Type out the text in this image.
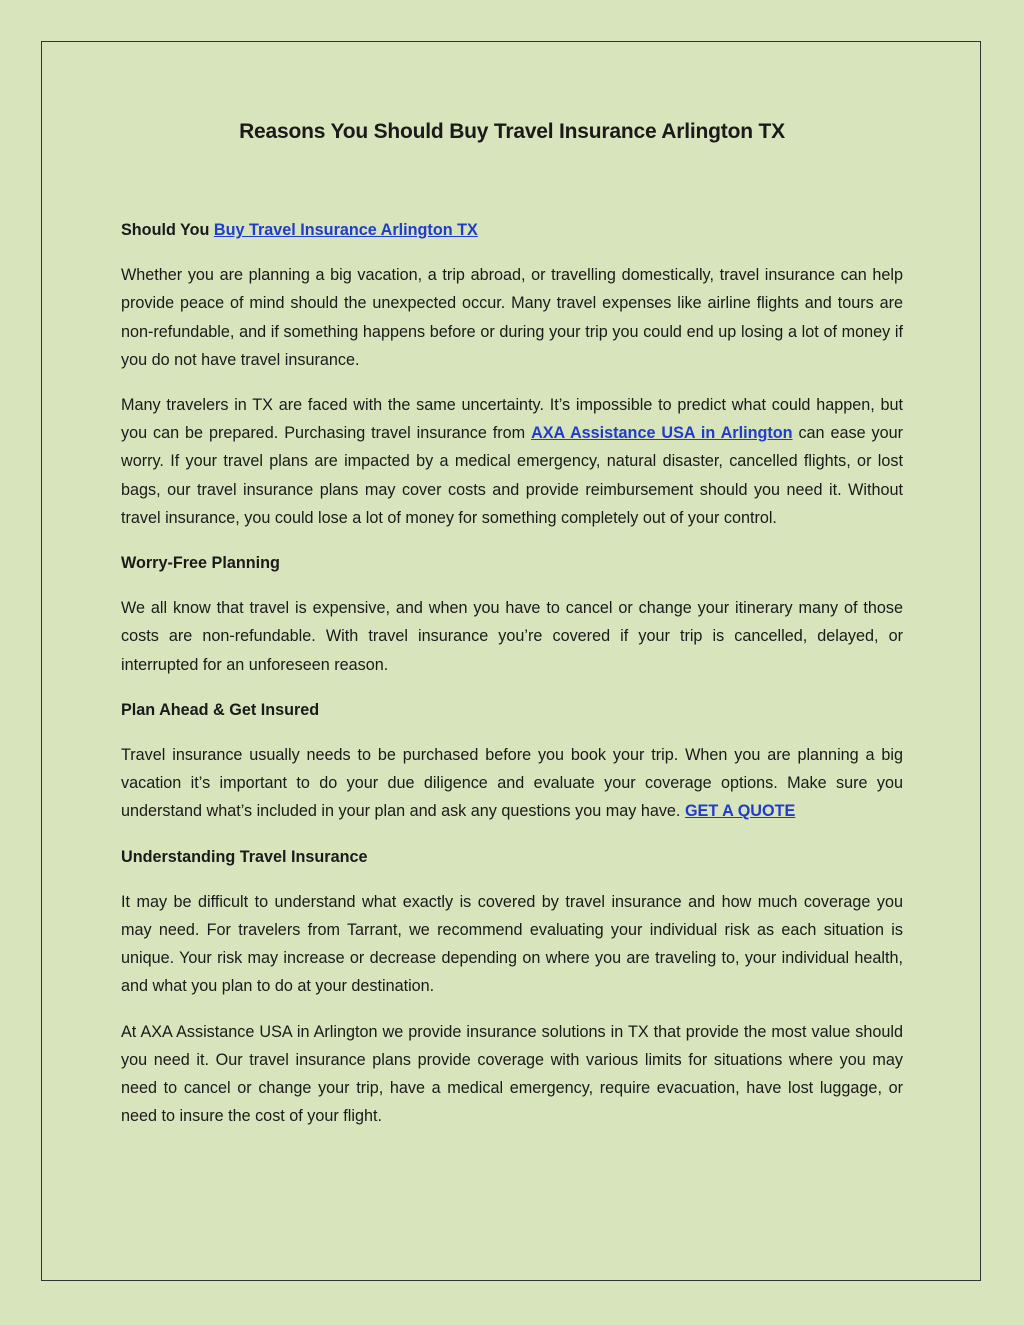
Reasons You Should Buy Travel Insurance Arlington TX
Should You Buy Travel Insurance Arlington TX

Whether you are planning a big vacation, a trip abroad, or travelling domestically, travel insurance can help provide peace of mind should the unexpected occur. Many travel expenses like airline flights and tours are non-refundable, and if something happens before or during your trip you could end up losing a lot of money if you do not have travel insurance.

Many travelers in TX are faced with the same uncertainty. It’s impossible to predict what could happen, but you can be prepared. Purchasing travel insurance from AXA Assistance USA in Arlington can ease your worry. If your travel plans are impacted by a medical emergency, natural disaster, cancelled flights, or lost bags, our travel insurance plans may cover costs and provide reimbursement should you need it. Without travel insurance, you could lose a lot of money for something completely out of your control.

Worry-Free Planning

We all know that travel is expensive, and when you have to cancel or change your itinerary many of those costs are non-refundable. With travel insurance you’re covered if your trip is cancelled, delayed, or interrupted for an unforeseen reason.

Plan Ahead & Get Insured

Travel insurance usually needs to be purchased before you book your trip. When you are planning a big vacation it’s important to do your due diligence and evaluate your coverage options. Make sure you understand what’s included in your plan and ask any questions you may have. GET A QUOTE

Understanding Travel Insurance

It may be difficult to understand what exactly is covered by travel insurance and how much coverage you may need. For travelers from Tarrant, we recommend evaluating your individual risk as each situation is unique. Your risk may increase or decrease depending on where you are traveling to, your individual health, and what you plan to do at your destination.

At AXA Assistance USA in Arlington we provide insurance solutions in TX that provide the most value should you need it. Our travel insurance plans provide coverage with various limits for situations where you may need to cancel or change your trip, have a medical emergency, require evacuation, have lost luggage, or need to insure the cost of your flight.
